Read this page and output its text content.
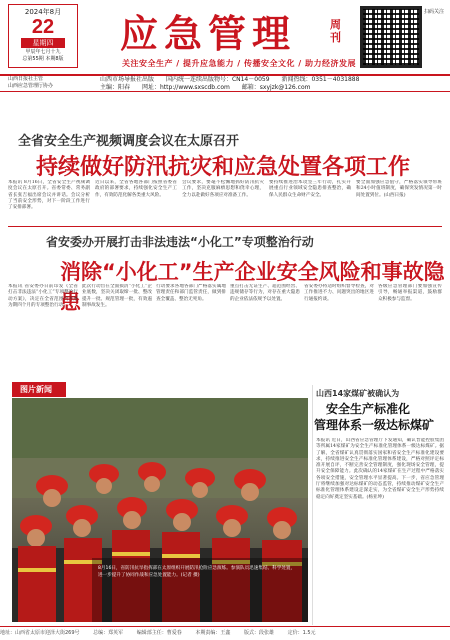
2024年8月
22
星期四
甲辰年七月十九
总第55期 本期8版
应急管理	周刊
关注安全生产 / 提升应急能力 / 传播安全文化 / 助力经济发展
扫码关注
山西日报社主管
山西应急管理厅协办
山西市场导报社出版 国内统一连续出版物号：CN14－0059 新闻热线：0351－4031888
主编：阳春 网址：http://www.sxscdb.com 邮箱：sxyjzk@126.com
全省安全生产视频调度会议在太原召开
持续做好防汛抗灾和应急处置各项工作
本报讯 8月16日，全省安全生产视频调度会议在太原召开。省委常委、常务副省长张吉福出席会议并讲话。会议分析了当前安全形势，对下一阶段工作进行了安排部署。
近日以来，全省各地各部门按照省委省政府的部署要求，持续强化安全生产工作，有效防范化解各类重大风险。
会议要求，要毫不松懈地抓好防汛抗灾工作，坚决克服麻痹思想和侥幸心理，全力以赴做好各项应对准备工作。
要持续推进治本攻坚三年行动，扎实开展重点行业领域安全隐患排查整治，确保人民群众生命财产安全。
要全面加强应急值守，严格落实领导带班和24小时值班制度，确保突发情况第一时间处置到位。(山西日报)
省安委办开展打击非法违法“小化工”专项整治行动
消除“小化工”生产企业安全风险和事故隐患
本报讯 省安委办日前印发《全省打击非法违法“小化工”专项整治行动方案》，决定在全省范围内开展为期四个月的专项整治行动。
此次行动旨在全面摸清“小化工”企业底数，坚决关闭取缔一批、整改提升一批、规范管理一批，有效遏制事故发生。
行动要求各地各部门严格落实属地管理责任和部门监管责任，做到排查全覆盖、整治无死角。
重点打击无证生产、超范围经营、违规储存等行为，对存在重大隐患的企业依法依规予以处置。
省安委办将适时组织督导检查，对工作推进不力、问题突出的地区进行通报约谈。
各级应急管理部门要加强宣传引导，畅通举报渠道，鼓励群众积极参与监督。
图片新闻
8月16日，省防汛抗旱指挥部在太原组织开展防汛抢险应急演练。参演队员迅速集结、科学处置，进一步提升了协同作战和应急处置能力。(记者 摄)
山西14家煤矿被确认为
安全生产标准化
管理体系一级达标煤矿
本报讯 近日，山西省应急管理厅下发通知，确认晋能控股集团等所属14家煤矿为安全生产标准化管理体系一级达标煤矿。据了解，全省煤矿认真贯彻落实国家和省安全生产标准化建设要求，持续推进安全生产标准化管理体系建设，严格对照评定标准开展自评，不断完善安全管理制度，强化现场安全管理，提升安全保障能力。此次确认的14家煤矿在生产过程中严格落实各项安全措施，安全管理水平显著提高。下一步，省应急管理厅将继续加强对达标煤矿的动态监管，持续推动煤矿安全生产标准化管理体系建设走深走实，为全省煤矿安全生产形势持续稳定向好奠定坚实基础。(杨亚坤)
地址：山西省太原市迎泽大街269号	总编：郑英军	编辑部主任：曹爱春	本期责编：王鑫	版式：段张雄	定价：1.5元
